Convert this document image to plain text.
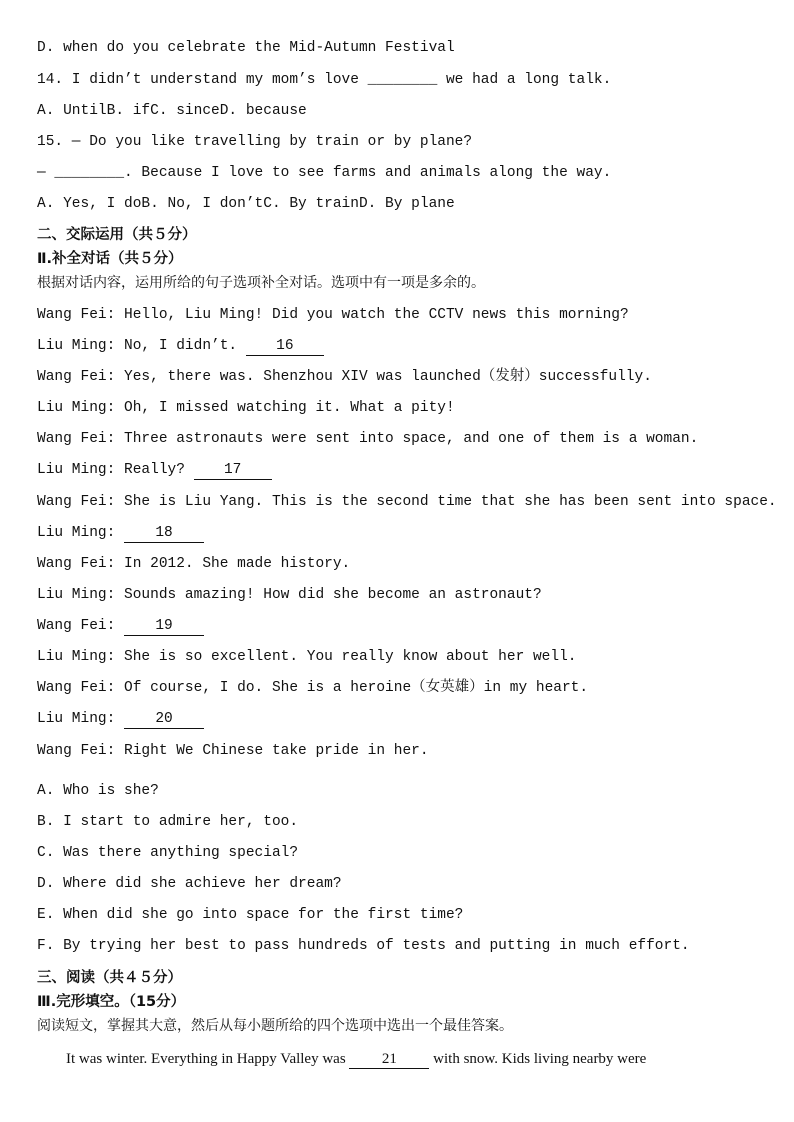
D. when do you celebrate the Mid-Autumn Festival
14. I didn’t understand my mom’s love ________ we had a long talk.
A. UntilB. ifC. sinceD. because
15. — Do you like travelling by train or by plane?
— ________. Because I love to see farms and animals along the way.
A. Yes, I doB. No, I don’tC. By trainD. By plane
二、交际运用（共５分）
Ⅱ.补全对话（共５分）
根据对话内容，运用所给的句子选项补全对话。选项中有一项是多余的。
Wang Fei: Hello, Liu Ming! Did you watch the CCTV news this morning?
Liu Ming: No, I didn’t. 16
Wang Fei: Yes, there was. Shenzhou XIV was launched（发射）successfully.
Liu Ming: Oh, I missed watching it. What a pity!
Wang Fei: Three astronauts were sent into space, and one of them is a woman.
Liu Ming: Really? 17
Wang Fei: She is Liu Yang. This is the second time that she has been sent into space.
Liu Ming: 18
Wang Fei: In 2012. She made history.
Liu Ming: Sounds amazing! How did she become an astronaut?
Wang Fei: 19
Liu Ming: She is so excellent. You really know about her well.
Wang Fei: Of course, I do. She is a heroine（女英雄）in my heart.
Liu Ming: 20
Wang Fei: Right We Chinese take pride in her.
A. Who is she?
B. I start to admire her, too.
C. Was there anything special?
D. Where did she achieve her dream?
E. When did she go into space for the first time?
F. By trying her best to pass hundreds of tests and putting in much effort.
三、阅读（共４５分）
Ⅲ.完形填空。（15分）
阅读短文，掌握其大意，然后从每小题所给的四个选项中选出一个最佳答案。
It was winter. Everything in Happy Valley was 21 with snow. Kids living nearby were
